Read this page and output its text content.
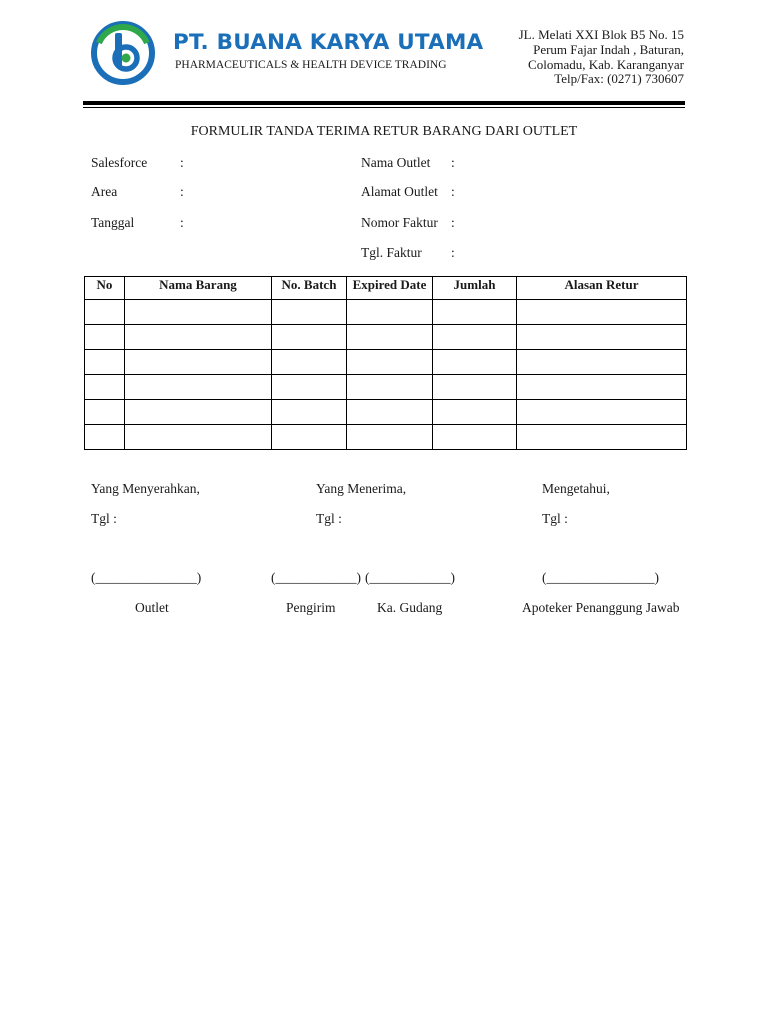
PT. BUANA KARYA UTAMA
PHARMACEUTICALS & HEALTH DEVICE TRADING
JL. Melati XXI Blok B5 No. 15
Perum Fajar Indah , Baturan,
Colomadu, Kab. Karanganyar
Telp/Fax: (0271) 730607
FORMULIR TANDA TERIMA RETUR BARANG DARI OUTLET
Salesforce :
Area	:
Tanggal	:
Nama Outlet :
Alamat Outlet :
Nomor Faktur :
Tgl. Faktur :
No	Nama Barang	No. Batch	Expired Date	Jumlah	Alasan Retur

Yang Menyerahkan,	Yang Menerima,	Mengetahui,
Tgl :	Tgl :	Tgl :
(_______________)	(____________) (____________)	(________________)
Outlet	Pengirim	Ka. Gudang	Apoteker Penanggung Jawab
